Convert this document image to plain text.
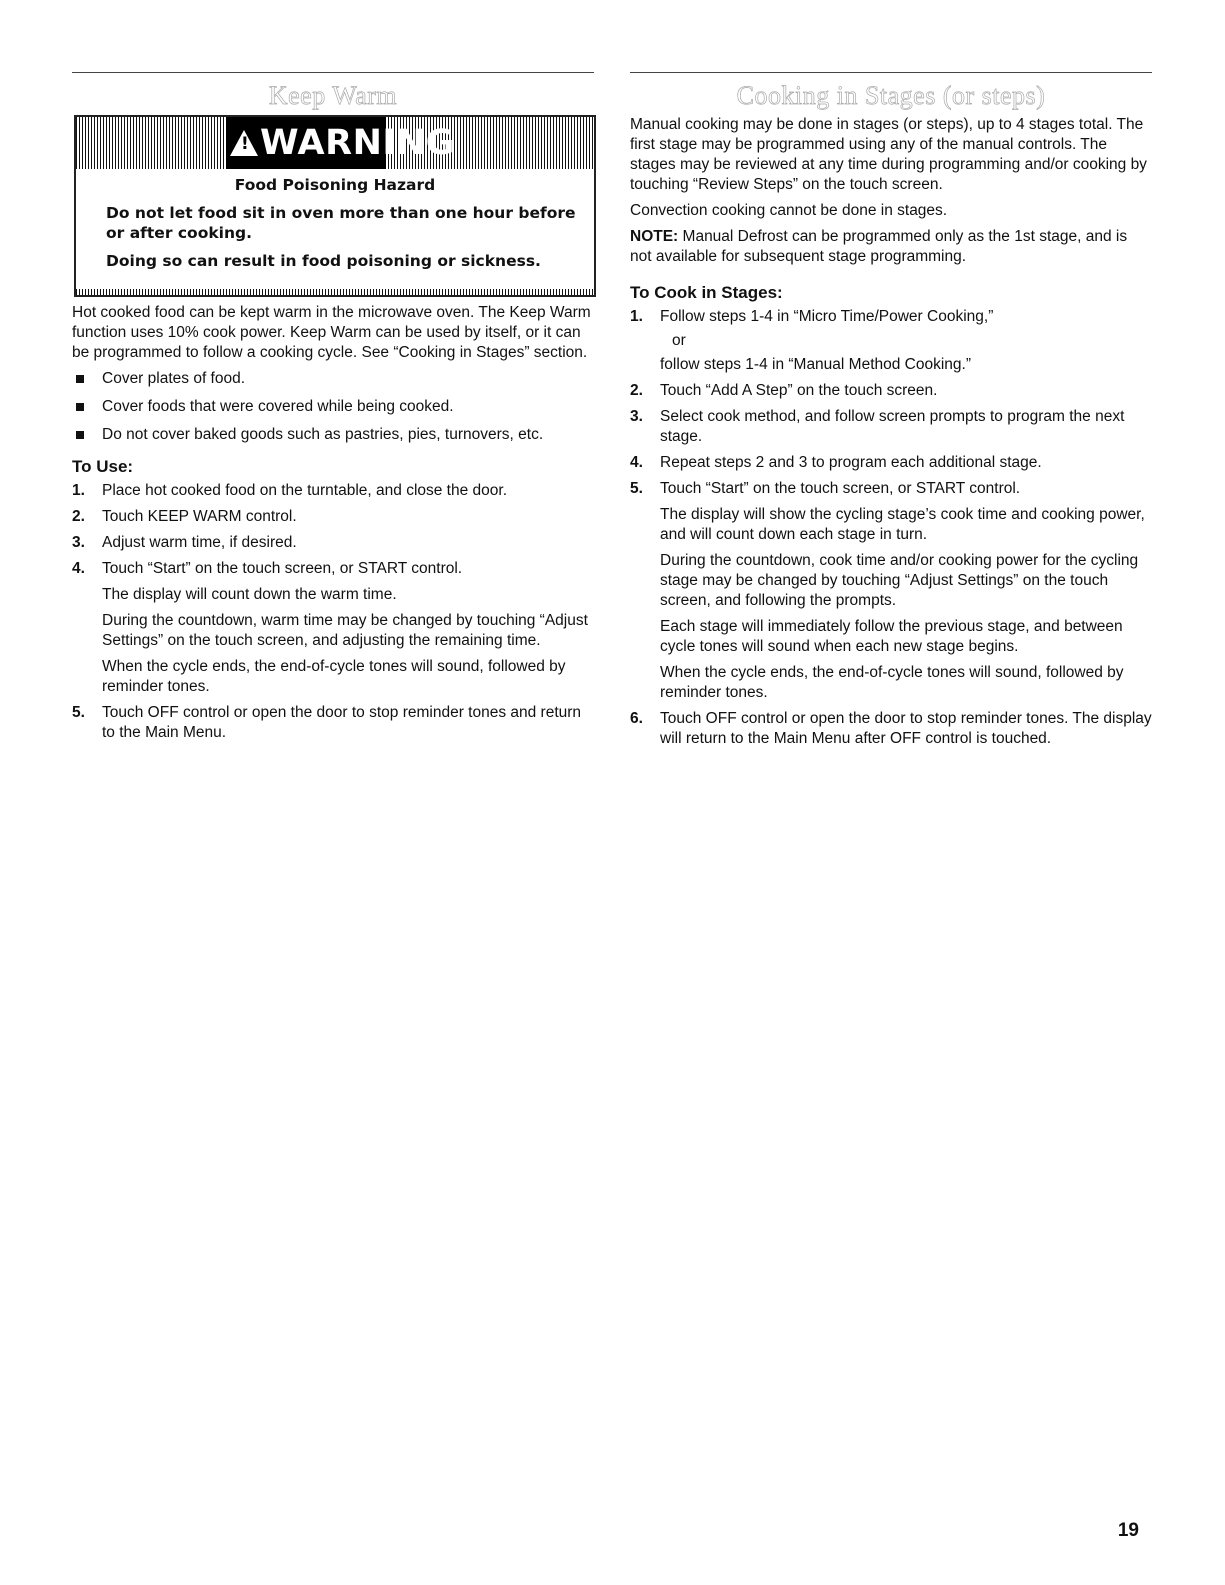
Keep Warm
!WARNING
Food Poisoning Hazard

Do not let food sit in oven more than one hour before or after cooking.

Doing so can result in food poisoning or sickness.

Hot cooked food can be kept warm in the microwave oven. The Keep Warm function uses 10% cook power. Keep Warm can be used by itself, or it can be programmed to follow a cooking cycle. See “Cooking in Stages” section.

Cover plates of food.
Cover foods that were covered while being cooked.
Do not cover baked goods such as pastries, pies, turnovers, etc.
To Use:
1. Place hot cooked food on the turntable, and close the door.
2. Touch KEEP WARM control.
3. Adjust warm time, if desired.
4. Touch “Start” on the touch screen, or START control.

The display will count down the warm time.

During the countdown, warm time may be changed by touching “Adjust Settings” on the touch screen, and adjusting the remaining time.

When the cycle ends, the end-of-cycle tones will sound, followed by reminder tones.

5. Touch OFF control or open the door to stop reminder tones and return to the Main Menu.
Cooking in Stages (or steps)

Manual cooking may be done in stages (or steps), up to 4 stages total. The first stage may be programmed using any of the manual controls. The stages may be reviewed at any time during programming and/or cooking by touching “Review Steps” on the touch screen.

Convection cooking cannot be done in stages.

NOTE: Manual Defrost can be programmed only as the 1st stage, and is not available for subsequent stage programming.

To Cook in Stages:
1. Follow steps 1-4 in “Micro Time/Power Cooking,”

or

follow steps 1-4 in “Manual Method Cooking.”

2. Touch “Add A Step” on the touch screen.
3. Select cook method, and follow screen prompts to program the next stage.
4. Repeat steps 2 and 3 to program each additional stage.
5. Touch “Start” on the touch screen, or START control.

The display will show the cycling stage’s cook time and cooking power, and will count down each stage in turn.

During the countdown, cook time and/or cooking power for the cycling stage may be changed by touching “Adjust Settings” on the touch screen, and following the prompts.

Each stage will immediately follow the previous stage, and between cycle tones will sound when each new stage begins.

When the cycle ends, the end-of-cycle tones will sound, followed by reminder tones.

6. Touch OFF control or open the door to stop reminder tones. The display will return to the Main Menu after OFF control is touched.
19
